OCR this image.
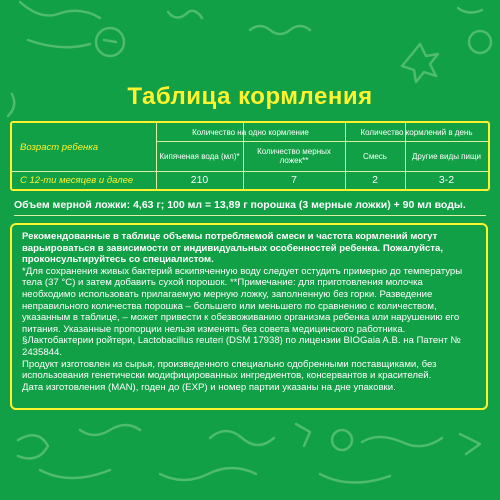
Таблица кормления
Возраст ребенка
Количество на одно кормление	Количество кормлений в день
Кипяченая вода (мл)*	Количество мерных ложек**	Смесь	Другие виды пищи
С 12-ти месяцев и далее	210	7	2	3-2
Объем мерной ложки: 4,63 г; 100 мл = 13,89 г порошка (3 мерные ложки) + 90 мл воды.

Рекомендованные в таблице объемы потребляемой смеси и частота кормлений могут варьироваться в зависимости от индивидуальных особенностей ребенка. Пожалуйста, проконсультируйтесь со специалистом.

*Для сохранения живых бактерий вскипяченную воду следует остудить примерно до температуры тела (37 °C) и затем добавить сухой порошок. **Примечание: для приготовления молочка необходимо использовать прилагаемую мерную ложку, заполненную без горки. Разведение неправильного количества порошка – большего или меньшего по сравнению с количеством, указанным в таблице, – может привести к обезвоживанию организма ребенка или нарушению его питания. Указанные пропорции нельзя изменять без совета медицинского работника.

§Лактобактерии ройтери, Lactobacillus reuteri (DSM 17938) по лицензии BIOGaia A.B. на Патент № 2435844.

Продукт изготовлен из сырья, произведенного специально одобренными поставщиками, без использования генетически модифицированных ингредиентов, консервантов и красителей.

Дата изготовления (MAN), годен до (EXP) и номер партии указаны на дне упаковки.
